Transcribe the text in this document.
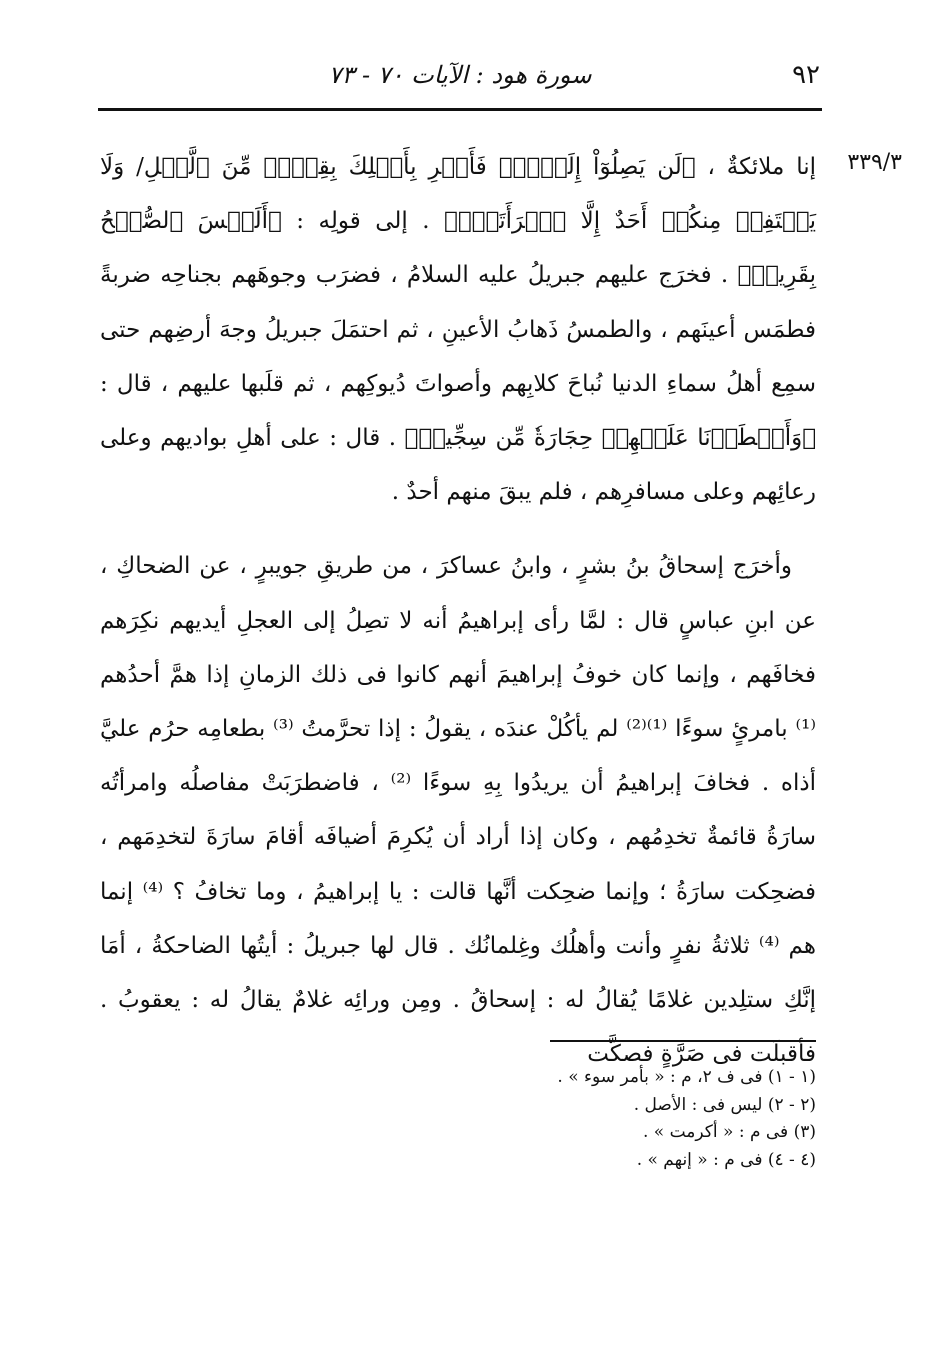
٩٢
سورة هود : الآيات ٧٠ - ٧٣
٣٣٩/٣

إنا ملائكةٌ ، ﴿لَن يَصِلُوٓاْ إِلَيۡكَۖ فَأَسۡرِ بِأَهۡلِكَ بِقِطۡعٖ مِّنَ ٱلَّيۡلِ/ وَلَا يَلۡتَفِتۡ مِنكُمۡ أَحَدٌ إِلَّا ٱمۡرَأَتَكَۖ﴾ . إلى قولِه : ﴿أَلَيۡسَ ٱلصُّبۡحُ بِقَرِيبٖ﴾ . فخرَج عليهم جبريلُ عليه السلامُ ، فضرَب وجوهَهم بجناحِه ضربةً فطمَس أعينَهم ، والطمسُ ذَهابُ الأعينِ ، ثم احتمَلَ جبريلُ وجهَ أرضِهم حتى سمِع أهلُ سماءِ الدنيا نُباحَ كلابِهم وأصواتَ دُيوكِهم ، ثم قلَبها عليهم ، قال : ﴿وَأَمۡطَرۡنَا عَلَيۡهِمۡ حِجَارَةٗ مِّن سِجِّيلٖ﴾ . قال : على أهلِ بواديهم وعلى رعائِهم وعلى مسافرِهم ، فلم يبقَ منهم أحدٌ .

وأخرَج إسحاقُ بنُ بشرٍ ، وابنُ عساكرَ ، من طريقِ جويبرٍ ، عن الضحاكِ ، عن ابنِ عباسٍ قال : لمَّا رأى إبراهيمُ أنه لا تصِلُ إلى العجلِ أيديهم نكِرَهم فخافَهم ، وإنما كان خوفُ إبراهيمَ أنهم كانوا فى ذلك الزمانِ إذا همَّ أحدُهم ⁽¹⁾ بامرئٍ سوءًا ⁽¹⁾⁽²⁾ لم يأكُلْ عندَه ، يقولُ : إذا تحرَّمتُ ⁽³⁾ بطعامِه حرُم عليَّ أذاه . فخافَ إبراهيمُ أن يريدُوا بِهِ سوءًا ⁽²⁾ ، فاضطرَبَتْ مفاصلُه وامرأتُه سارَةُ قائمةٌ تخدِمُهم ، وكان إذا أراد أن يُكرِمَ أضيافَه أقامَ سارَةَ لتخدِمَهم ، فضحِكت سارَةُ ؛ وإنما ضحِكت أنَّها قالت : يا إبراهيمُ ، وما تخافُ ؟ ⁽⁴⁾ إنما هم ⁽⁴⁾ ثلاثةُ نفرٍ وأنت وأهلُك وغِلمانُك . قال لها جبريلُ : أيتُها الضاحكةُ ، أمَا إنَّكِ ستلِدين غلامًا يُقالُ له : إسحاقُ . ومِن ورائِه غلامٌ يقالُ له : يعقوبُ . فأقبلَت فى صَرَّةٍ فصكَّت

(١ - ١) فى ف ٢، م : « بأمر سوء » .

(٢ - ٢) ليس فى : الأصل .

(٣) فى م : « أكرمت » .

(٤ - ٤) فى م : « إنهم » .
